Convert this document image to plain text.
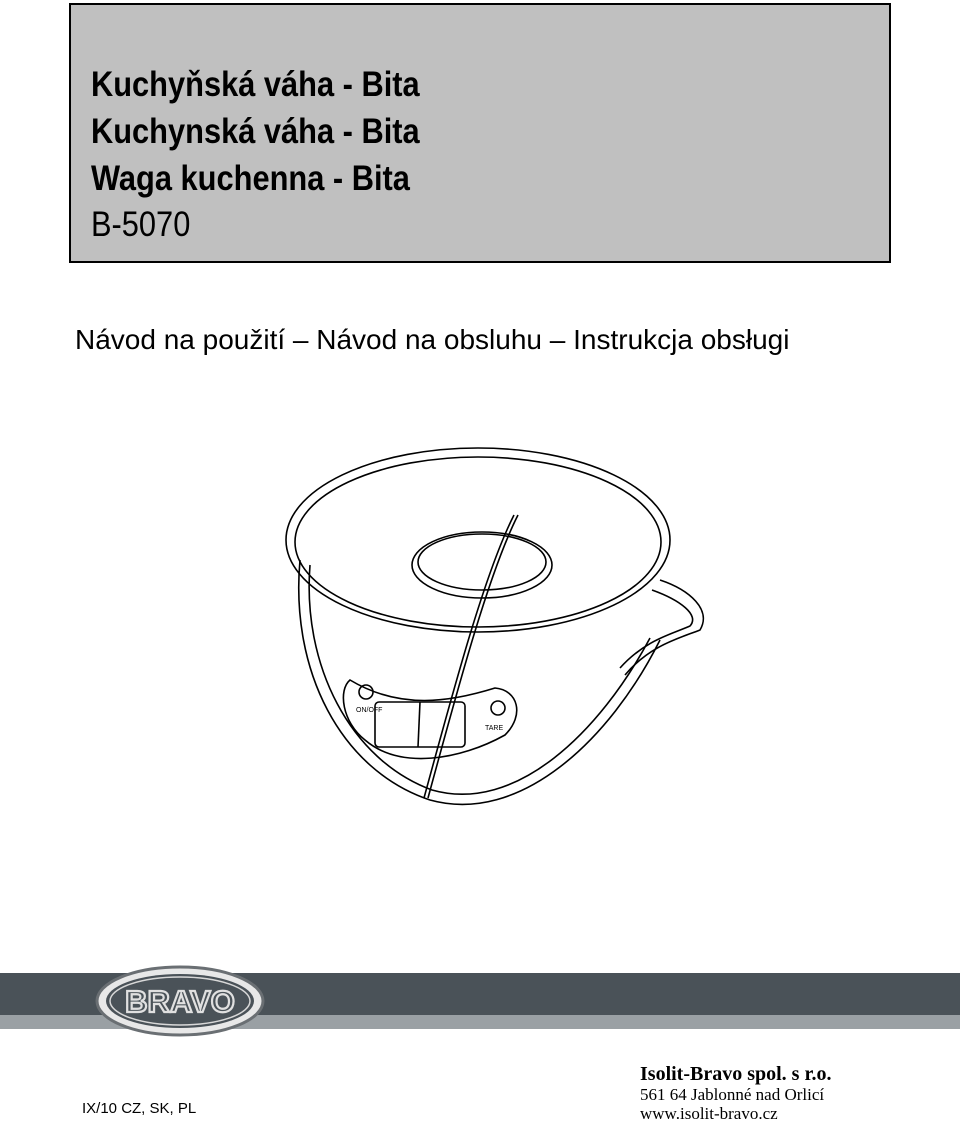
Kuchyňská váha - Bita
Kuchynská váha - Bita
Waga kuchenna - Bita
B-5070
Návod na použití – Návod na obsluhu – Instrukcja obsługi
ON/OFF
TARE
BRAVO
IX/10 CZ, SK, PL
Isolit-Bravo spol. s r.o.
561 64 Jablonné nad Orlicí
www.isolit-bravo.cz
